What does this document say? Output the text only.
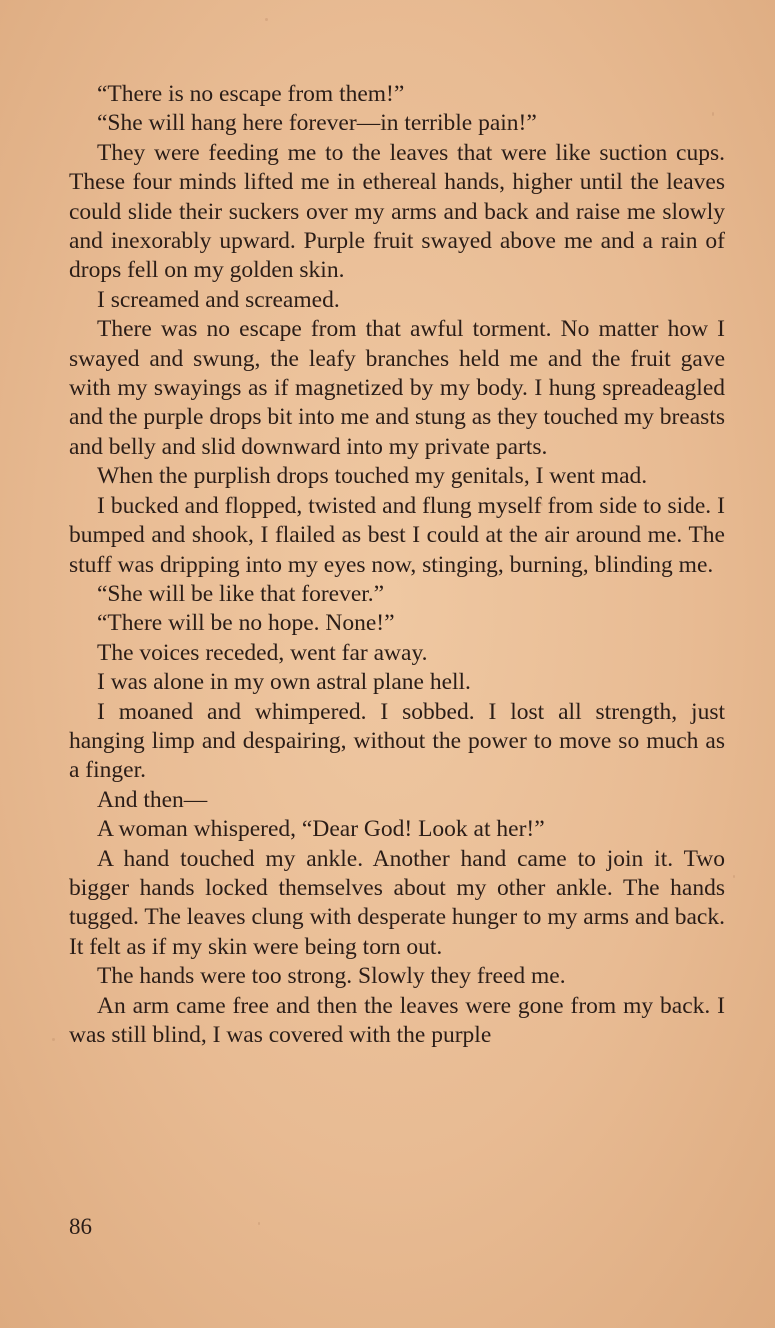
“There is no escape from them!”

“She will hang here forever—in terrible pain!”

They were feeding me to the leaves that were like suction cups. These four minds lifted me in ethereal hands, higher until the leaves could slide their suckers over my arms and back and raise me slowly and inexorably upward. Purple fruit swayed above me and a rain of drops fell on my golden skin.

I screamed and screamed.

There was no escape from that awful torment. No matter how I swayed and swung, the leafy branches held me and the fruit gave with my swayings as if magnetized by my body. I hung spreadeagled and the purple drops bit into me and stung as they touched my breasts and belly and slid downward into my private parts.

When the purplish drops touched my genitals, I went mad.

I bucked and flopped, twisted and flung myself from side to side. I bumped and shook, I flailed as best I could at the air around me. The stuff was dripping into my eyes now, stinging, burning, blinding me.

“She will be like that forever.”

“There will be no hope. None!”

The voices receded, went far away.

I was alone in my own astral plane hell.

I moaned and whimpered. I sobbed. I lost all strength, just hanging limp and despairing, without the power to move so much as a finger.

And then—

A woman whispered, “Dear God! Look at her!”

A hand touched my ankle. Another hand came to join it. Two bigger hands locked themselves about my other ankle. The hands tugged. The leaves clung with desperate hunger to my arms and back. It felt as if my skin were being torn out.

The hands were too strong. Slowly they freed me.

An arm came free and then the leaves were gone from my back. I was still blind, I was covered with the purple

86
